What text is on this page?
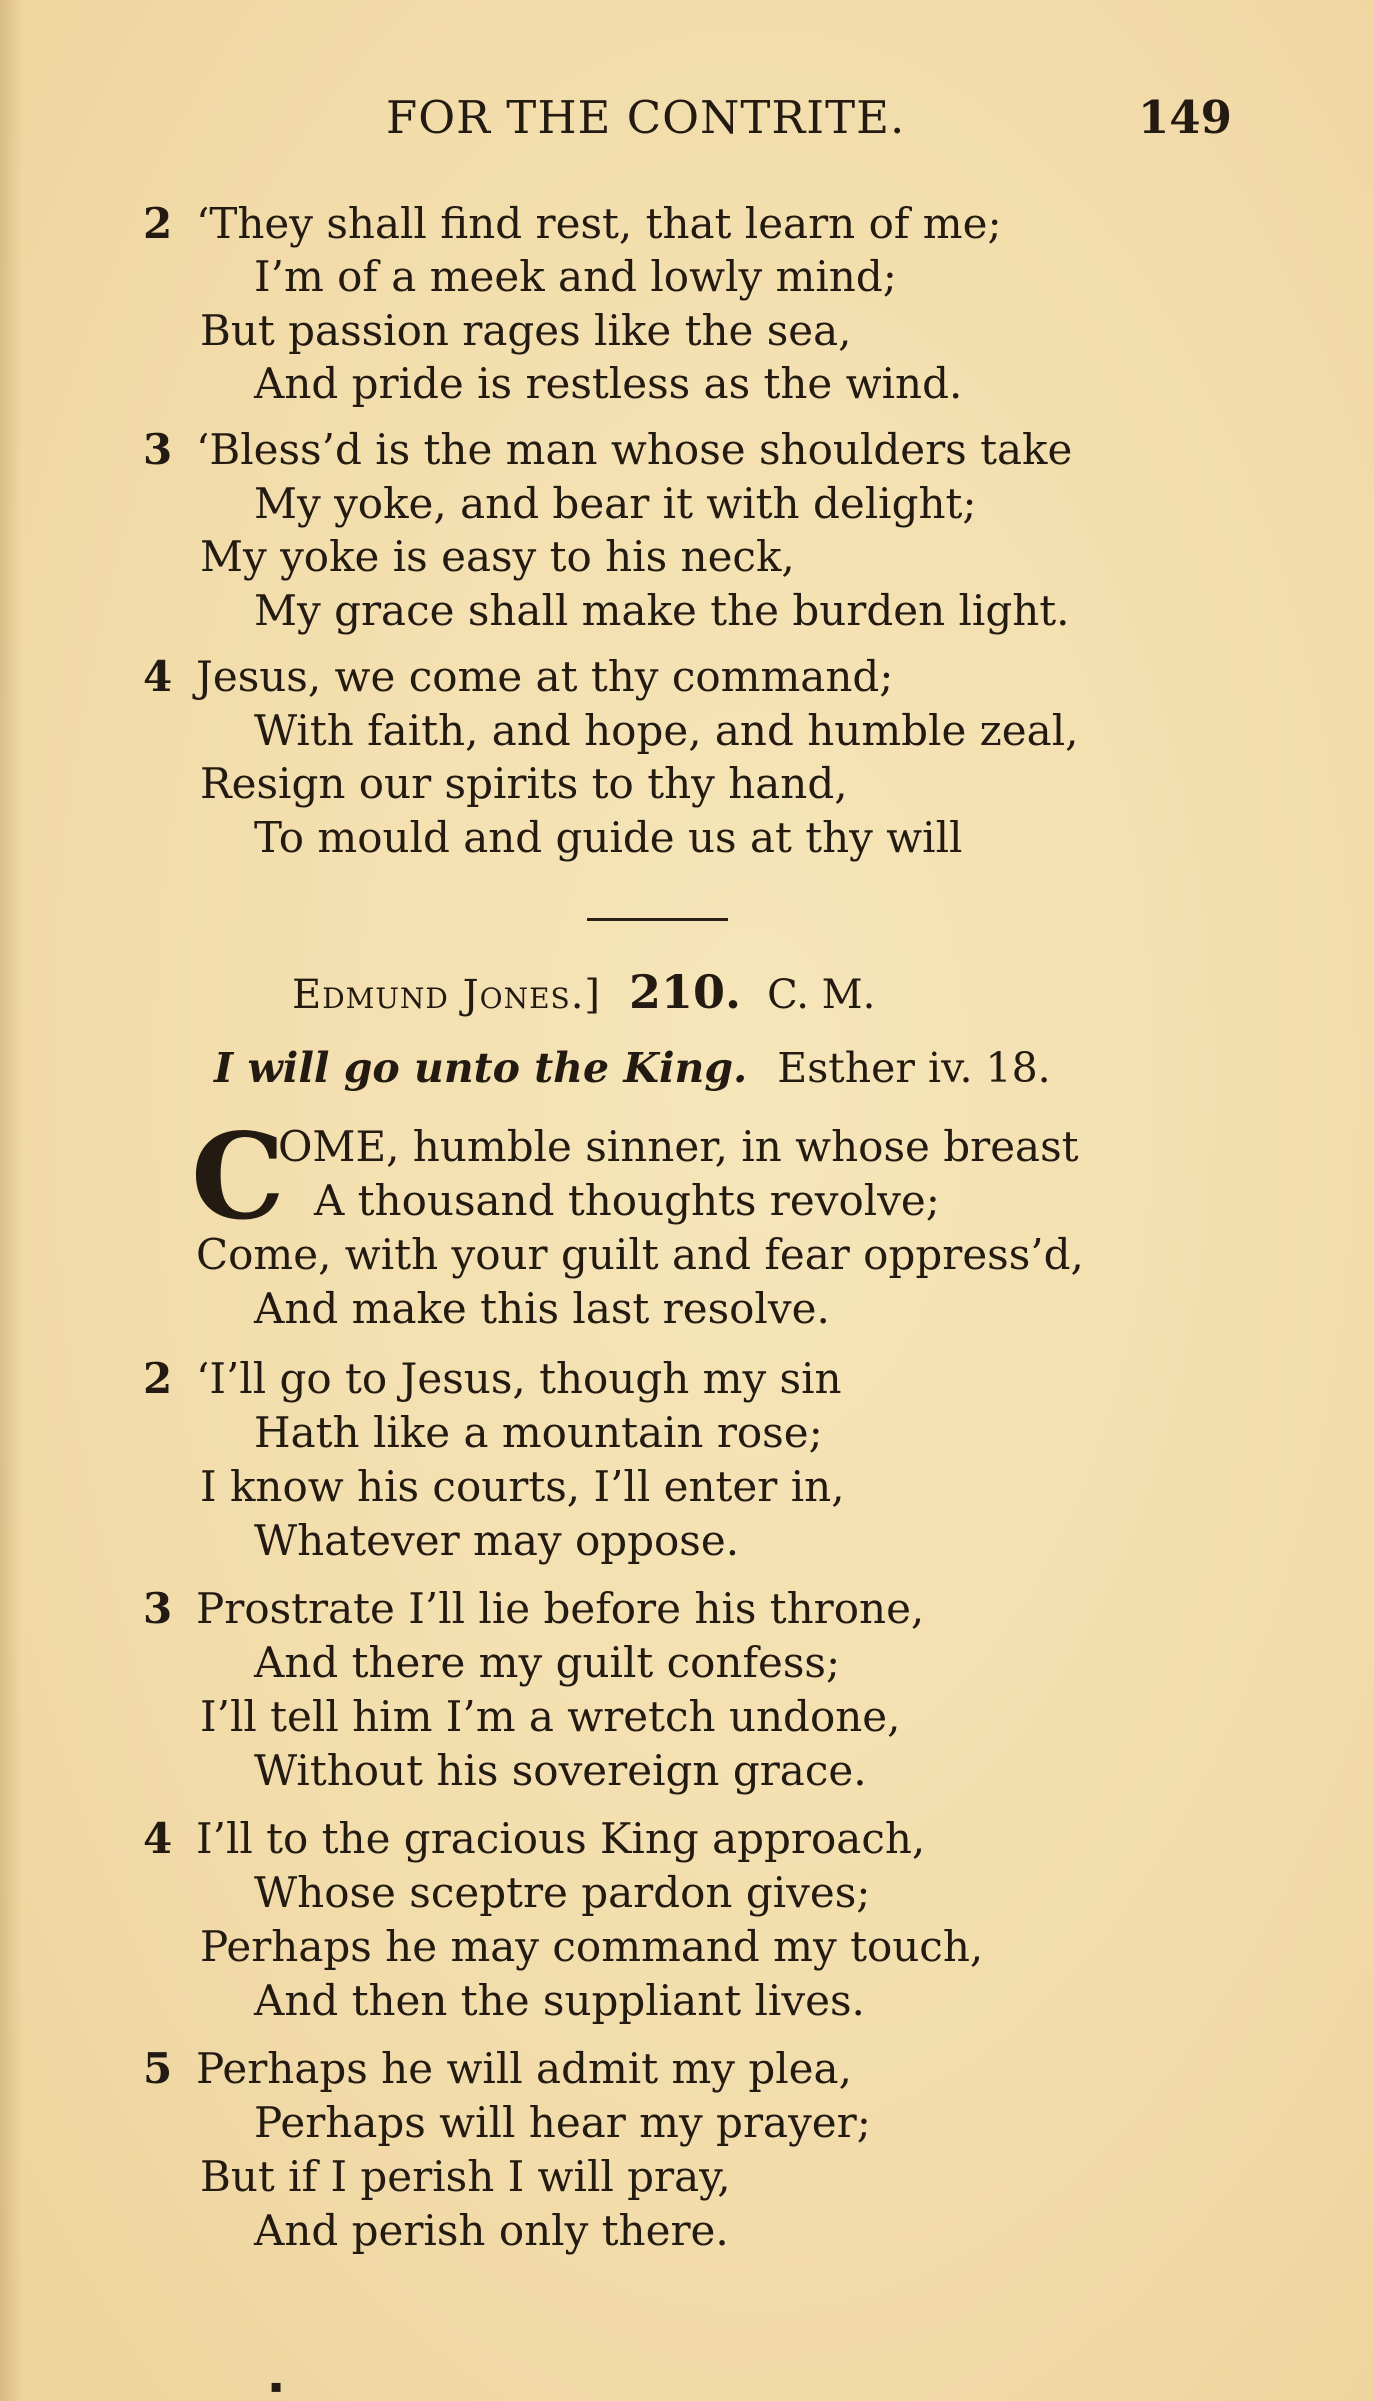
FOR THE CONTRITE.	149
2 ‘They shall find rest, that learn of me;
I’m of a meek and lowly mind;
But passion rages like the sea,
And pride is restless as the wind.
3 ‘Bless’d is the man whose shoulders take
My yoke, and bear it with delight;
My yoke is easy to his neck,
My grace shall make the burden light.
4 Jesus, we come at thy command;
With faith, and hope, and humble zeal,
Resign our spirits to thy hand,
To mould and guide us at thy will
Edmund Jones.] 210. C. M.
I will go unto the King. Esther iv. 18.
C
OME, humble sinner, in whose breast
A thousand thoughts revolve;
Come, with your guilt and fear oppress’d,
And make this last resolve.
2 ‘I’ll go to Jesus, though my sin
Hath like a mountain rose;
I know his courts, I’ll enter in,
Whatever may oppose.
3 Prostrate I’ll lie before his throne,
And there my guilt confess;
I’ll tell him I’m a wretch undone,
Without his sovereign grace.
4 I’ll to the gracious King approach,
Whose sceptre pardon gives;
Perhaps he may command my touch,
And then the suppliant lives.
5 Perhaps he will admit my plea,
Perhaps will hear my prayer;
But if I perish I will pray,
And perish only there.
▪
